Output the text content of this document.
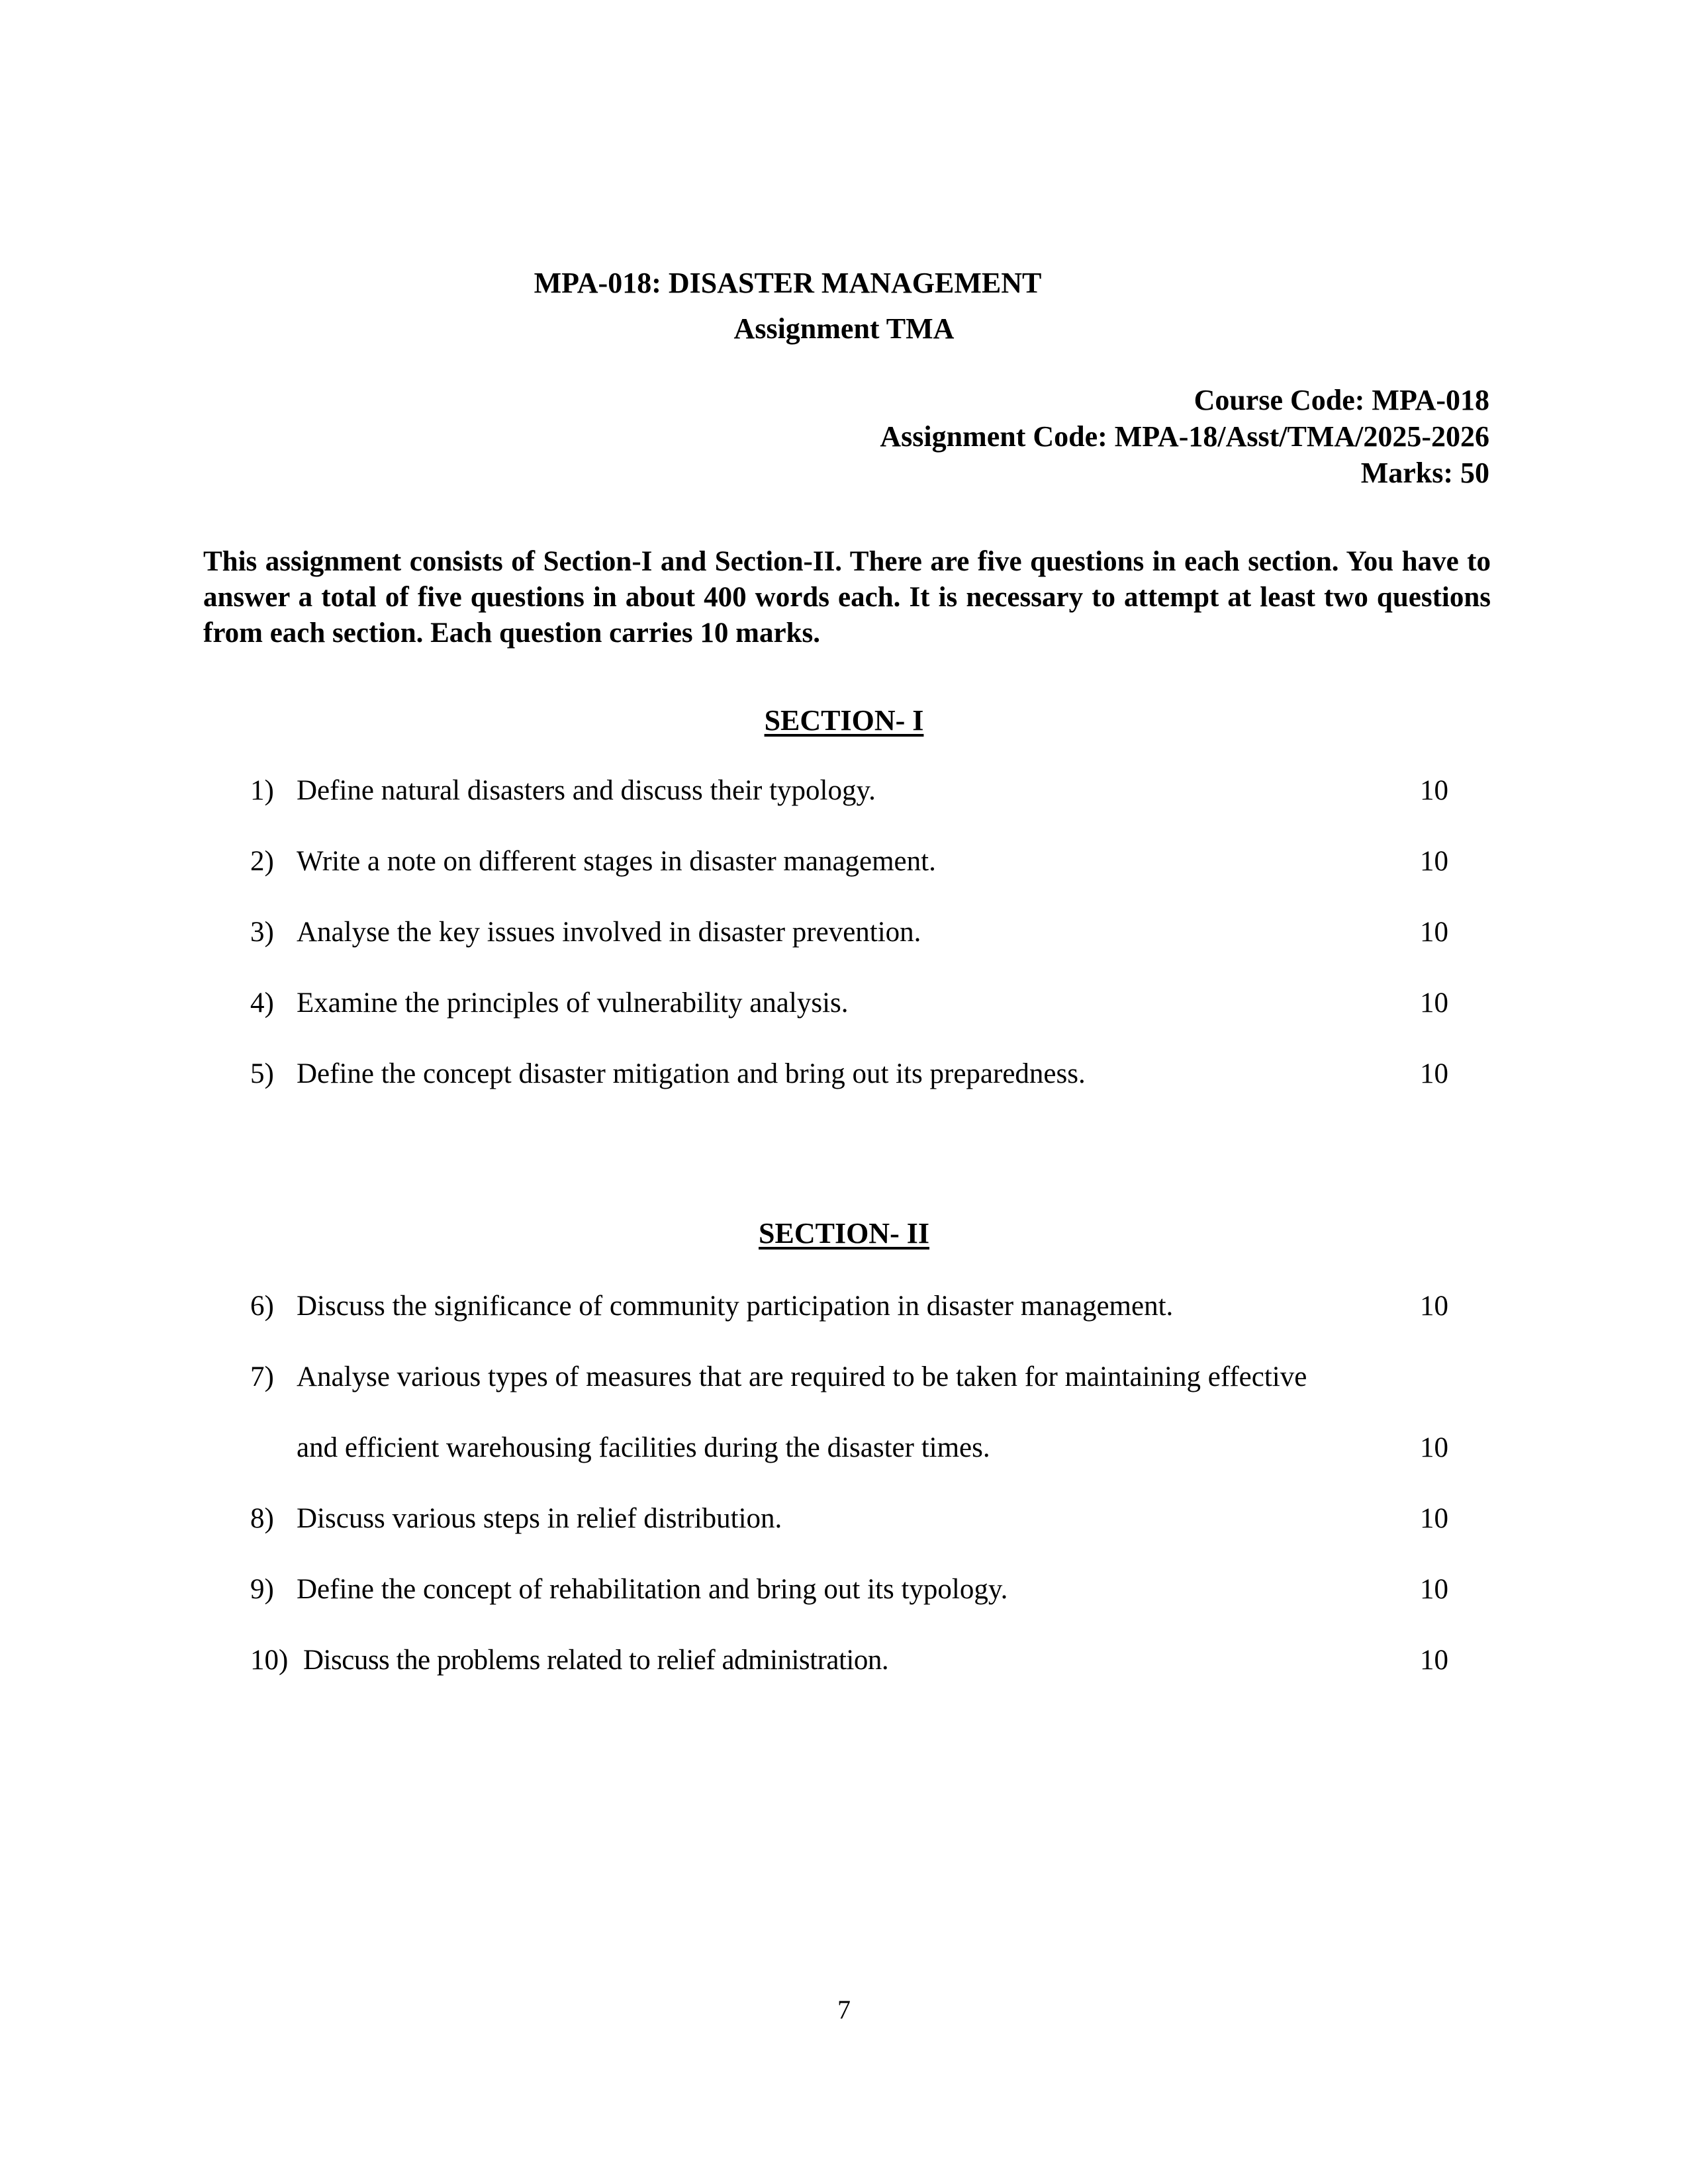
MPA-018: DISASTER MANAGEMENT
Assignment TMA
Course Code: MPA-018
Assignment Code: MPA-18/Asst/TMA/2025-2026
Marks: 50
This assignment consists of Section-I and Section-II. There are five questions in each section. You have to answer a total of five questions in about 400 words each. It is necessary to attempt at least two questions from each section. Each question carries 10 marks.
SECTION- I
1) Define natural disasters and discuss their typology.	10
2) Write a note on different stages in disaster management.	10
3) Analyse the key issues involved in disaster prevention.	10
4) Examine the principles of vulnerability analysis.	10
5) Define the concept disaster mitigation and bring out its preparedness.	10
SECTION- II
6) Discuss the significance of community participation in disaster management.	10
7) Analyse various types of measures that are required to be taken for maintaining effective
and efficient warehousing facilities during the disaster times.	10
8) Discuss various steps in relief distribution.	10
9) Define the concept of rehabilitation and bring out its typology.	10
10) Discuss the problems related to relief administration.	10
7
